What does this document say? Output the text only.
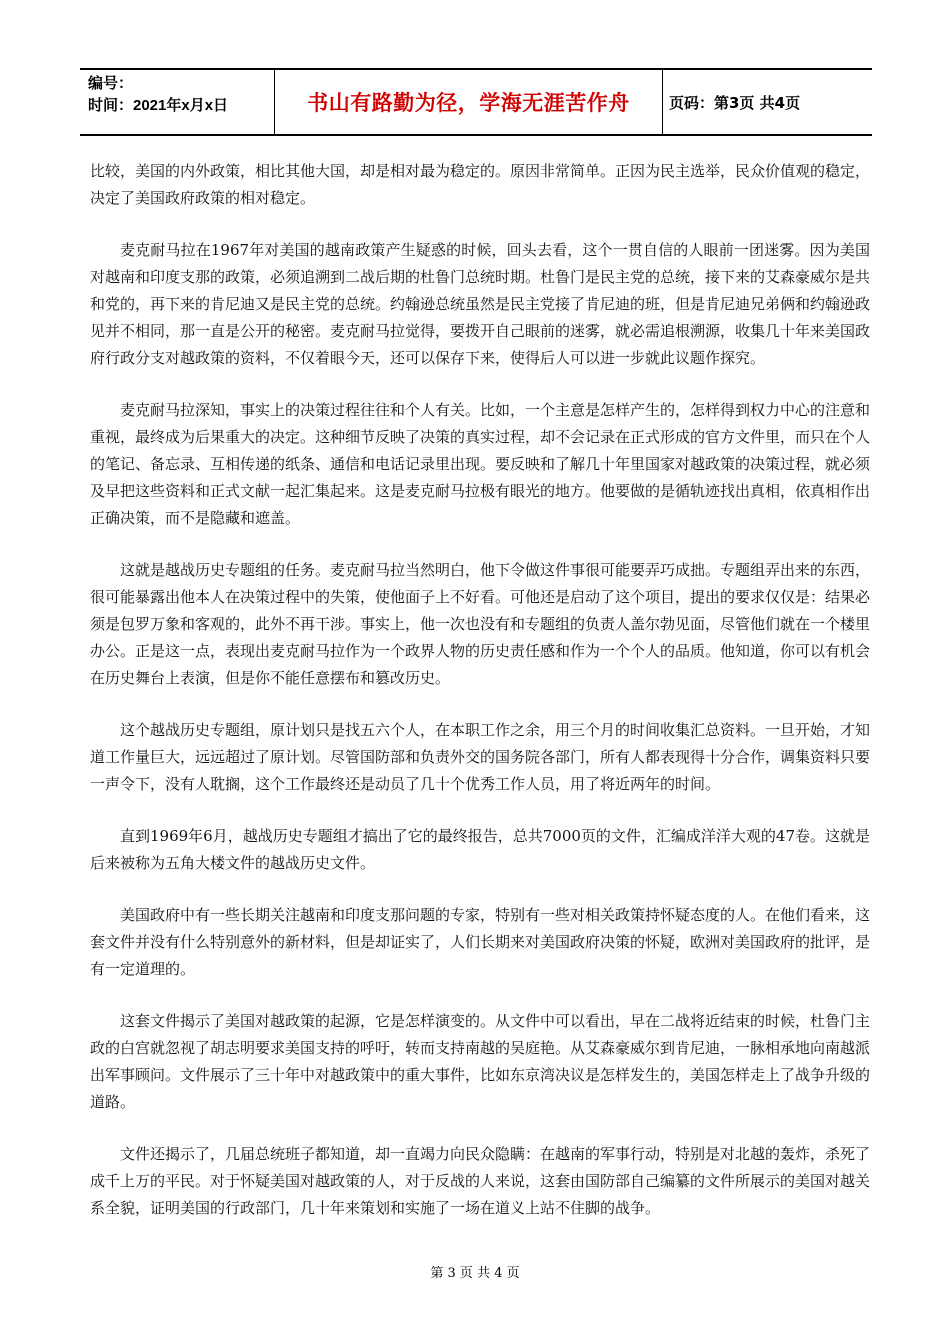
编号：
时间：2021年x月x日	书山有路勤为径，学海无涯苦作舟	页码：第3页 共4页

比较，美国的内外政策，相比其他大国，却是相对最为稳定的。原因非常简单。正因为民主选举，民众价值观的稳定，决定了美国政府政策的相对稳定。

麦克耐马拉在1967年对美国的越南政策产生疑惑的时候，回头去看，这个一贯自信的人眼前一团迷雾。因为美国对越南和印度支那的政策，必须追溯到二战后期的杜鲁门总统时期。杜鲁门是民主党的总统，接下来的艾森豪威尔是共和党的，再下来的肯尼迪又是民主党的总统。约翰逊总统虽然是民主党接了肯尼迪的班，但是肯尼迪兄弟俩和约翰逊政见并不相同，那一直是公开的秘密。麦克耐马拉觉得，要拨开自己眼前的迷雾，就必需追根溯源，收集几十年来美国政府行政分支对越政策的资料，不仅着眼今天，还可以保存下来，使得后人可以进一步就此议题作探究。

麦克耐马拉深知，事实上的决策过程往往和个人有关。比如，一个主意是怎样产生的，怎样得到权力中心的注意和重视，最终成为后果重大的决定。这种细节反映了决策的真实过程，却不会记录在正式形成的官方文件里，而只在个人的笔记、备忘录、互相传递的纸条、通信和电话记录里出现。要反映和了解几十年里国家对越政策的决策过程，就必须及早把这些资料和正式文献一起汇集起来。这是麦克耐马拉极有眼光的地方。他要做的是循轨迹找出真相，依真相作出正确决策，而不是隐藏和遮盖。

这就是越战历史专题组的任务。麦克耐马拉当然明白，他下令做这件事很可能要弄巧成拙。专题组弄出来的东西，很可能暴露出他本人在决策过程中的失策，使他面子上不好看。可他还是启动了这个项目，提出的要求仅仅是：结果必须是包罗万象和客观的，此外不再干涉。事实上，他一次也没有和专题组的负责人盖尔勃见面，尽管他们就在一个楼里办公。正是这一点，表现出麦克耐马拉作为一个政界人物的历史责任感和作为一个个人的品质。他知道，你可以有机会在历史舞台上表演，但是你不能任意摆布和篡改历史。

这个越战历史专题组，原计划只是找五六个人，在本职工作之余，用三个月的时间收集汇总资料。一旦开始，才知道工作量巨大，远远超过了原计划。尽管国防部和负责外交的国务院各部门，所有人都表现得十分合作，调集资料只要一声令下，没有人耽搁，这个工作最终还是动员了几十个优秀工作人员，用了将近两年的时间。

直到1969年6月，越战历史专题组才搞出了它的最终报告，总共7000页的文件，汇编成洋洋大观的47卷。这就是后来被称为五角大楼文件的越战历史文件。

美国政府中有一些长期关注越南和印度支那问题的专家，特别有一些对相关政策持怀疑态度的人。在他们看来，这套文件并没有什么特别意外的新材料，但是却证实了，人们长期来对美国政府决策的怀疑，欧洲对美国政府的批评，是有一定道理的。

这套文件揭示了美国对越政策的起源，它是怎样演变的。从文件中可以看出，早在二战将近结束的时候，杜鲁门主政的白宫就忽视了胡志明要求美国支持的呼吁，转而支持南越的吴庭艳。从艾森豪威尔到肯尼迪，一脉相承地向南越派出军事顾问。文件展示了三十年中对越政策中的重大事件，比如东京湾决议是怎样发生的，美国怎样走上了战争升级的道路。

文件还揭示了，几届总统班子都知道，却一直竭力向民众隐瞒：在越南的军事行动，特别是对北越的轰炸，杀死了成千上万的平民。对于怀疑美国对越政策的人，对于反战的人来说，这套由国防部自己编纂的文件所展示的美国对越关系全貌，证明美国的行政部门，几十年来策划和实施了一场在道义上站不住脚的战争。

第 3 页 共 4 页
